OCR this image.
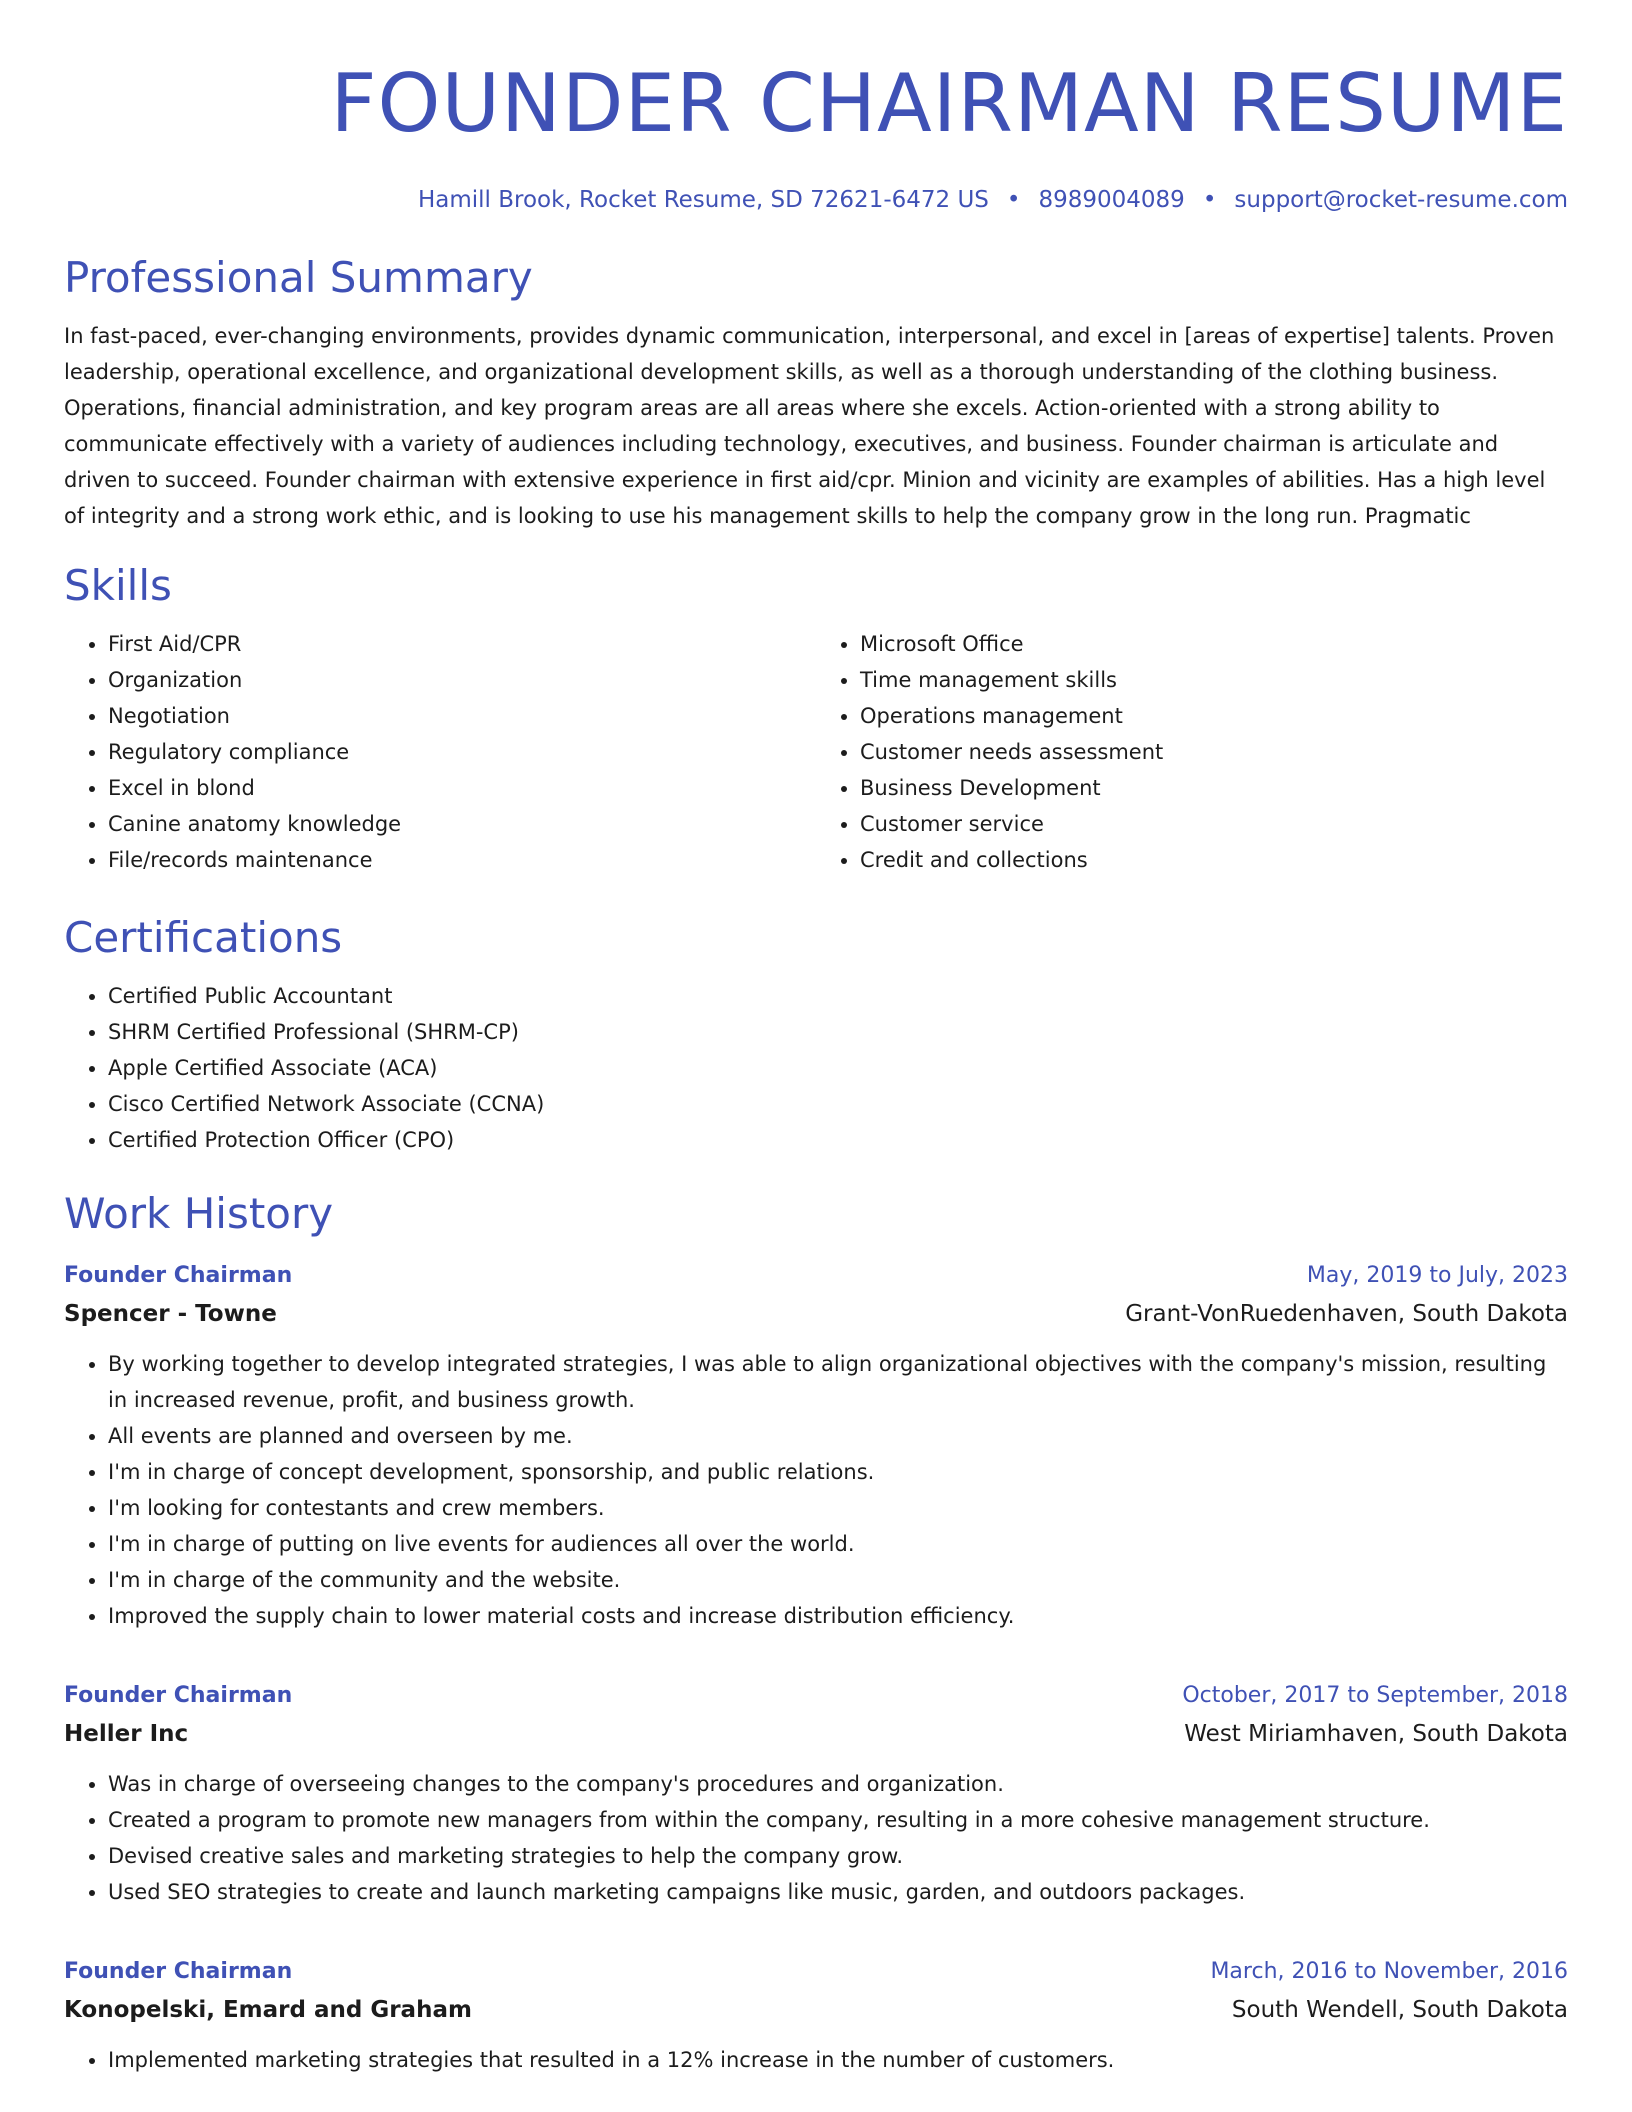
FOUNDER CHAIRMAN RESUME
Hamill Brook, Rocket Resume, SD 72621-6472 US • 8989004089 • support@rocket-resume.com
Professional Summary

In fast-paced, ever-changing environments, provides dynamic communication, interpersonal, and excel in [areas of expertise] talents. Proven leadership, operational excellence, and organizational development skills, as well as a thorough understanding of the clothing business. Operations, financial administration, and key program areas are all areas where she excels. Action-oriented with a strong ability to communicate effectively with a variety of audiences including technology, executives, and business. Founder chairman is articulate and driven to succeed. Founder chairman with extensive experience in first aid/cpr. Minion and vicinity are examples of abilities. Has a high level of integrity and a strong work ethic, and is looking to use his management skills to help the company grow in the long run. Pragmatic

Skills
• First Aid/CPR
• Organization
• Negotiation
• Regulatory compliance
• Excel in blond
• Canine anatomy knowledge
• File/records maintenance
• Microsoft Office
• Time management skills
• Operations management
• Customer needs assessment
• Business Development
• Customer service
• Credit and collections
Certifications
• Certified Public Accountant
• SHRM Certified Professional (SHRM-CP)
• Apple Certified Associate (ACA)
• Cisco Certified Network Associate (CCNA)
• Certified Protection Officer (CPO)
Work History
Founder Chairman	May, 2019 to July, 2023
Spencer - Towne	Grant-VonRuedenhaven, South Dakota
• By working together to develop integrated strategies, I was able to align organizational objectives with the company's mission, resulting in increased revenue, profit, and business growth.
• All events are planned and overseen by me.
• I'm in charge of concept development, sponsorship, and public relations.
• I'm looking for contestants and crew members.
• I'm in charge of putting on live events for audiences all over the world.
• I'm in charge of the community and the website.
• Improved the supply chain to lower material costs and increase distribution efficiency.
Founder Chairman	October, 2017 to September, 2018
Heller Inc	West Miriamhaven, South Dakota
• Was in charge of overseeing changes to the company's procedures and organization.
• Created a program to promote new managers from within the company, resulting in a more cohesive management structure.
• Devised creative sales and marketing strategies to help the company grow.
• Used SEO strategies to create and launch marketing campaigns like music, garden, and outdoors packages.
Founder Chairman	March, 2016 to November, 2016
Konopelski, Emard and Graham	South Wendell, South Dakota
• Implemented marketing strategies that resulted in a 12% increase in the number of customers.
